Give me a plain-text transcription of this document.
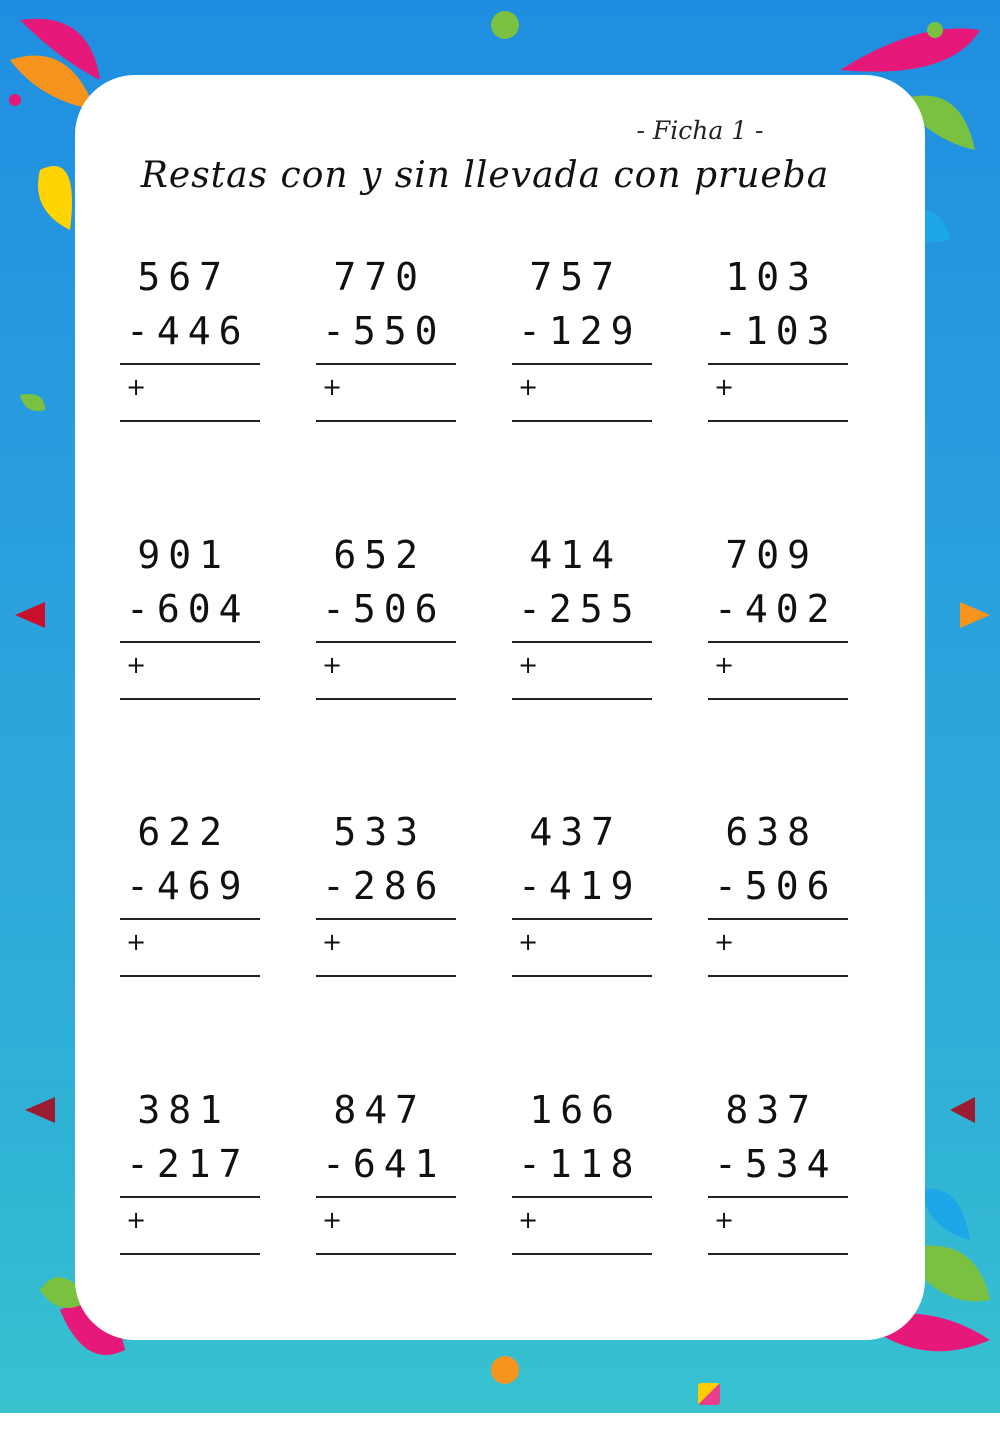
- Ficha 1 -
Restas con y sin llevada con prueba
567
-446
+
770
-550
+
757
-129
+
103
-103
+
901
-604
+
652
-506
+
414
-255
+
709
-402
+
622
-469
+
533
-286
+
437
-419
+
638
-506
+
381
-217
+
847
-641
+
166
-118
+
837
-534
+
LIVEWORKSHEETS
